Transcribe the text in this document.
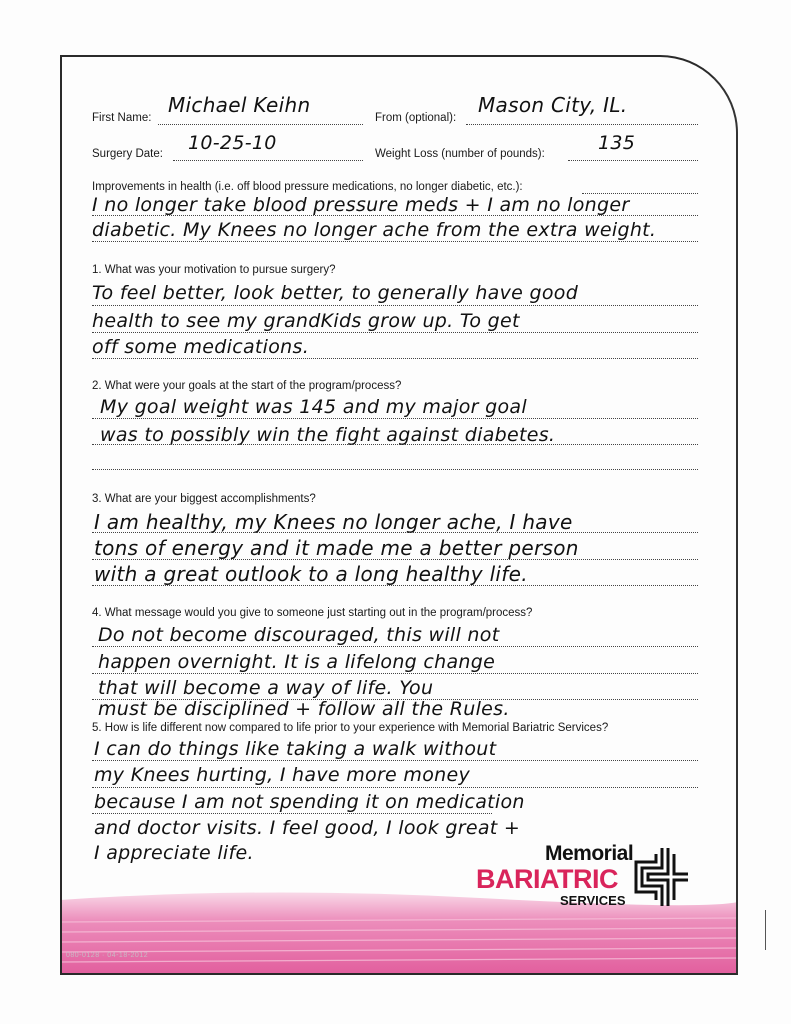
First Name:
Michael Keihn
From (optional):
Mason City, IL.
Surgery Date: 10-25-10	Weight Loss (number of pounds):	135
Improvements in health (i.e. off blood pressure medications, no longer diabetic, etc.):
I no longer take blood pressure meds + I am no longer
diabetic. My Knees no longer ache from the extra weight.
1. What was your motivation to pursue surgery?
To feel better, look better, to generally have good
health to see my grandKids grow up. To get
off some medications.
2. What were your goals at the start of the program/process?
My goal weight was 145 and my major goal
was to possibly win the fight against diabetes.
3. What are your biggest accomplishments?
I am healthy, my Knees no longer ache, I have
tons of energy and it made me a better person
with a great outlook to a long healthy life.
4. What message would you give to someone just starting out in the program/process?
Do not become discouraged, this will not
happen overnight. It is a lifelong change
that will become a way of life. You
must be disciplined + follow all the Rules.
5. How is life different now compared to life prior to your experience with Memorial Bariatric Services?
I can do things like taking a walk without
my Knees hurting, I have more money
because I am not spending it on medication
and doctor visits. I feel good, I look great +
I appreciate life.	Memorial
BARIATRIC
SERVICES
080-0128 · 04-18-2012
